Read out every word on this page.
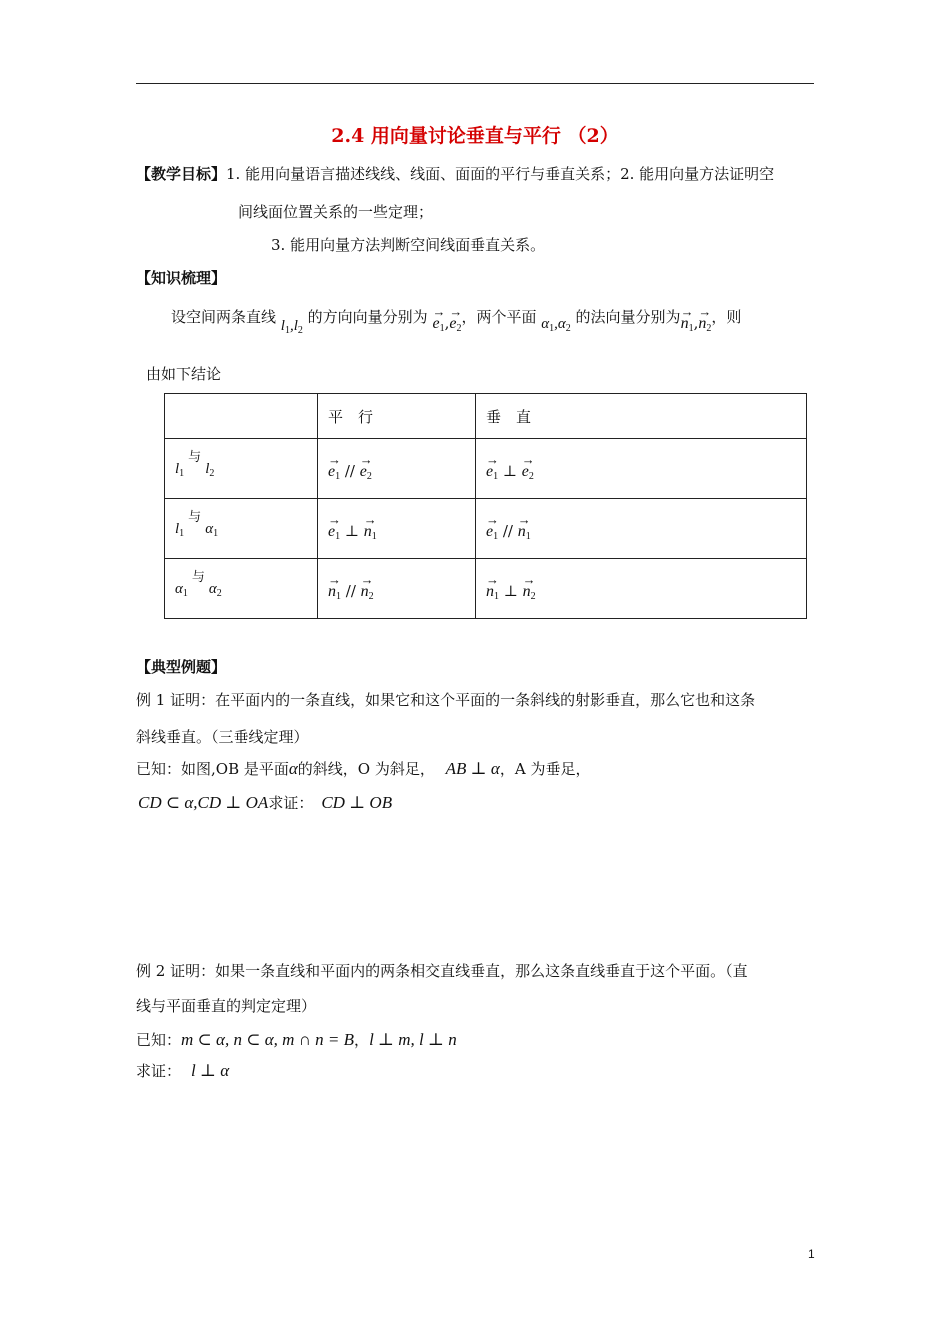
2.4 用向量讨论垂直与平行 （2）
【教学目标】1. 能用向量语言描述线线、线面、面面的平行与垂直关系；2. 能用向量方法证明空
间线面位置关系的一些定理；
3. 能用向量方法判断空间线面垂直关系。
【知识梳理】
设空间两条直线 $l_1,l_2$ 的方向向量分别为 →
$e_1$,
→
$e_2$，两个平面 $\alpha_1,\alpha_2$ 的法向量分别为 →
$n_1$,
→
$n_2$，则
由如下结论
	平　行	垂　直
$l_1$与$l_2$	→
$e_1$ //
→
$e_2$	→
$e_1$ ⊥
→
$e_2$
$l_1$与$\alpha_1$	→
$e_1$ ⊥
→
$n_1$	→
$e_1$ //
→
$n_1$
$\alpha_1$与$\alpha_2$	→
$n_1$ //
→
$n_2$	→
$n_1$ ⊥
→
$n_2$
【典型例题】
例 1 证明：在平面内的一条直线，如果它和这个平面的一条斜线的射影垂直，那么它也和这条
斜线垂直。（三垂线定理）
已知：如图,OB 是平面α的斜线，O 为斜足， AB ⊥ α，A 为垂足，
CD ⊂ α,CD ⊥ OA求证： CD ⊥ OB
例 2 证明：如果一条直线和平面内的两条相交直线垂直，那么这条直线垂直于这个平面。（直
线与平面垂直的判定定理）
已知：m ⊂ α, n ⊂ α, m ∩ n = B，l ⊥ m, l ⊥ n
求证： l ⊥ α
1
